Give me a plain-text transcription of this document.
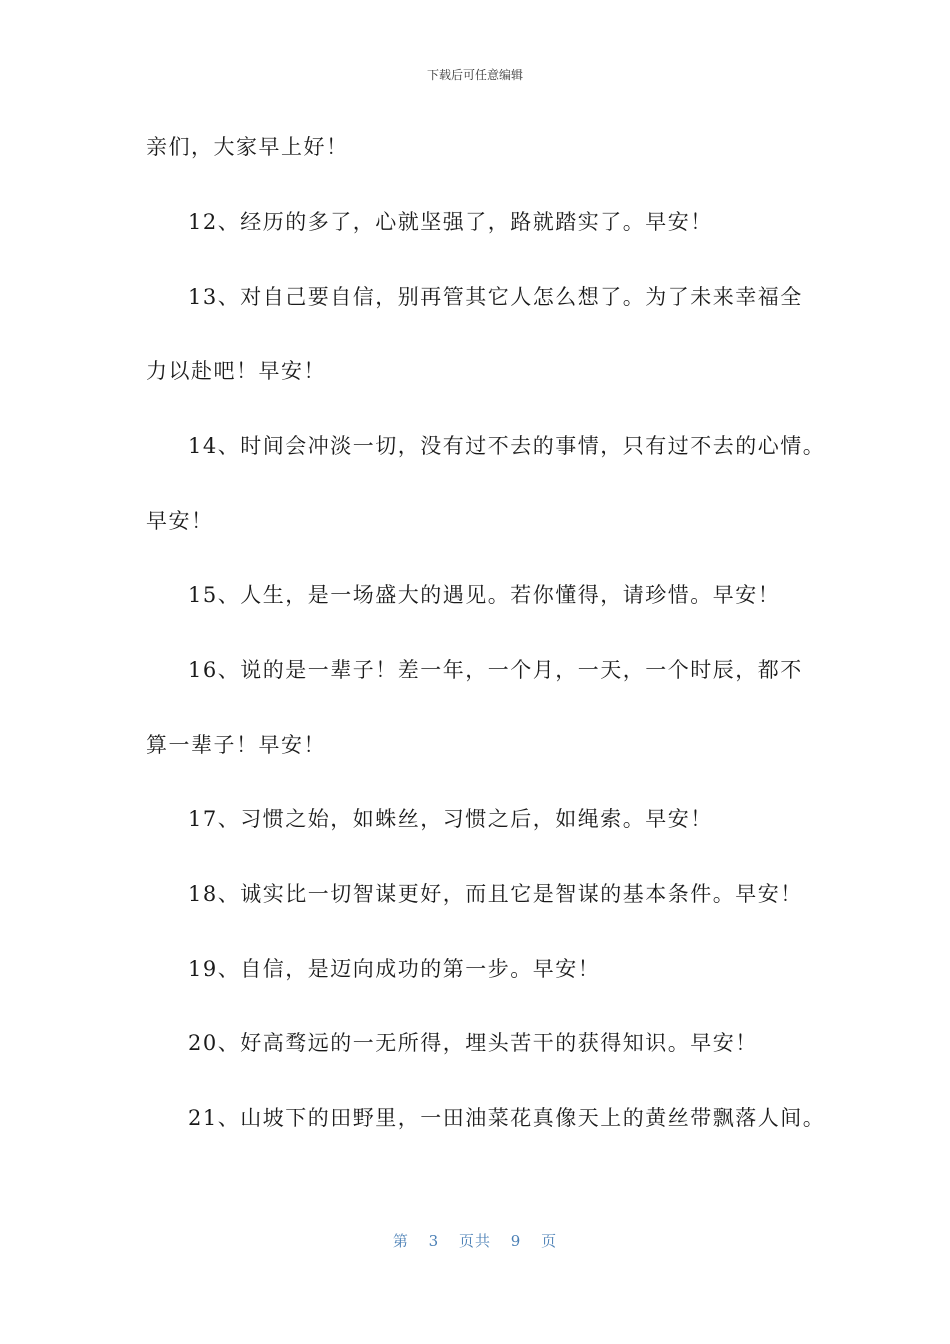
下载后可任意编辑
亲们，大家早上好！
12、经历的多了，心就坚强了，路就踏实了。早安！
13、对自己要自信，别再管其它人怎么想了。为了未来幸福全
力以赴吧！早安！
14、时间会冲淡一切，没有过不去的事情，只有过不去的心情。
早安！
15、人生，是一场盛大的遇见。若你懂得，请珍惜。早安！
16、说的是一辈子！差一年，一个月，一天，一个时辰，都不
算一辈子！早安！
17、习惯之始，如蛛丝，习惯之后，如绳索。早安！
18、诚实比一切智谋更好，而且它是智谋的基本条件。早安！
19、自信，是迈向成功的第一步。早安！
20、好高骛远的一无所得，埋头苦干的获得知识。早安！
21、山坡下的田野里，一田油菜花真像天上的黄丝带飘落人间。
第 3 页共 9 页
